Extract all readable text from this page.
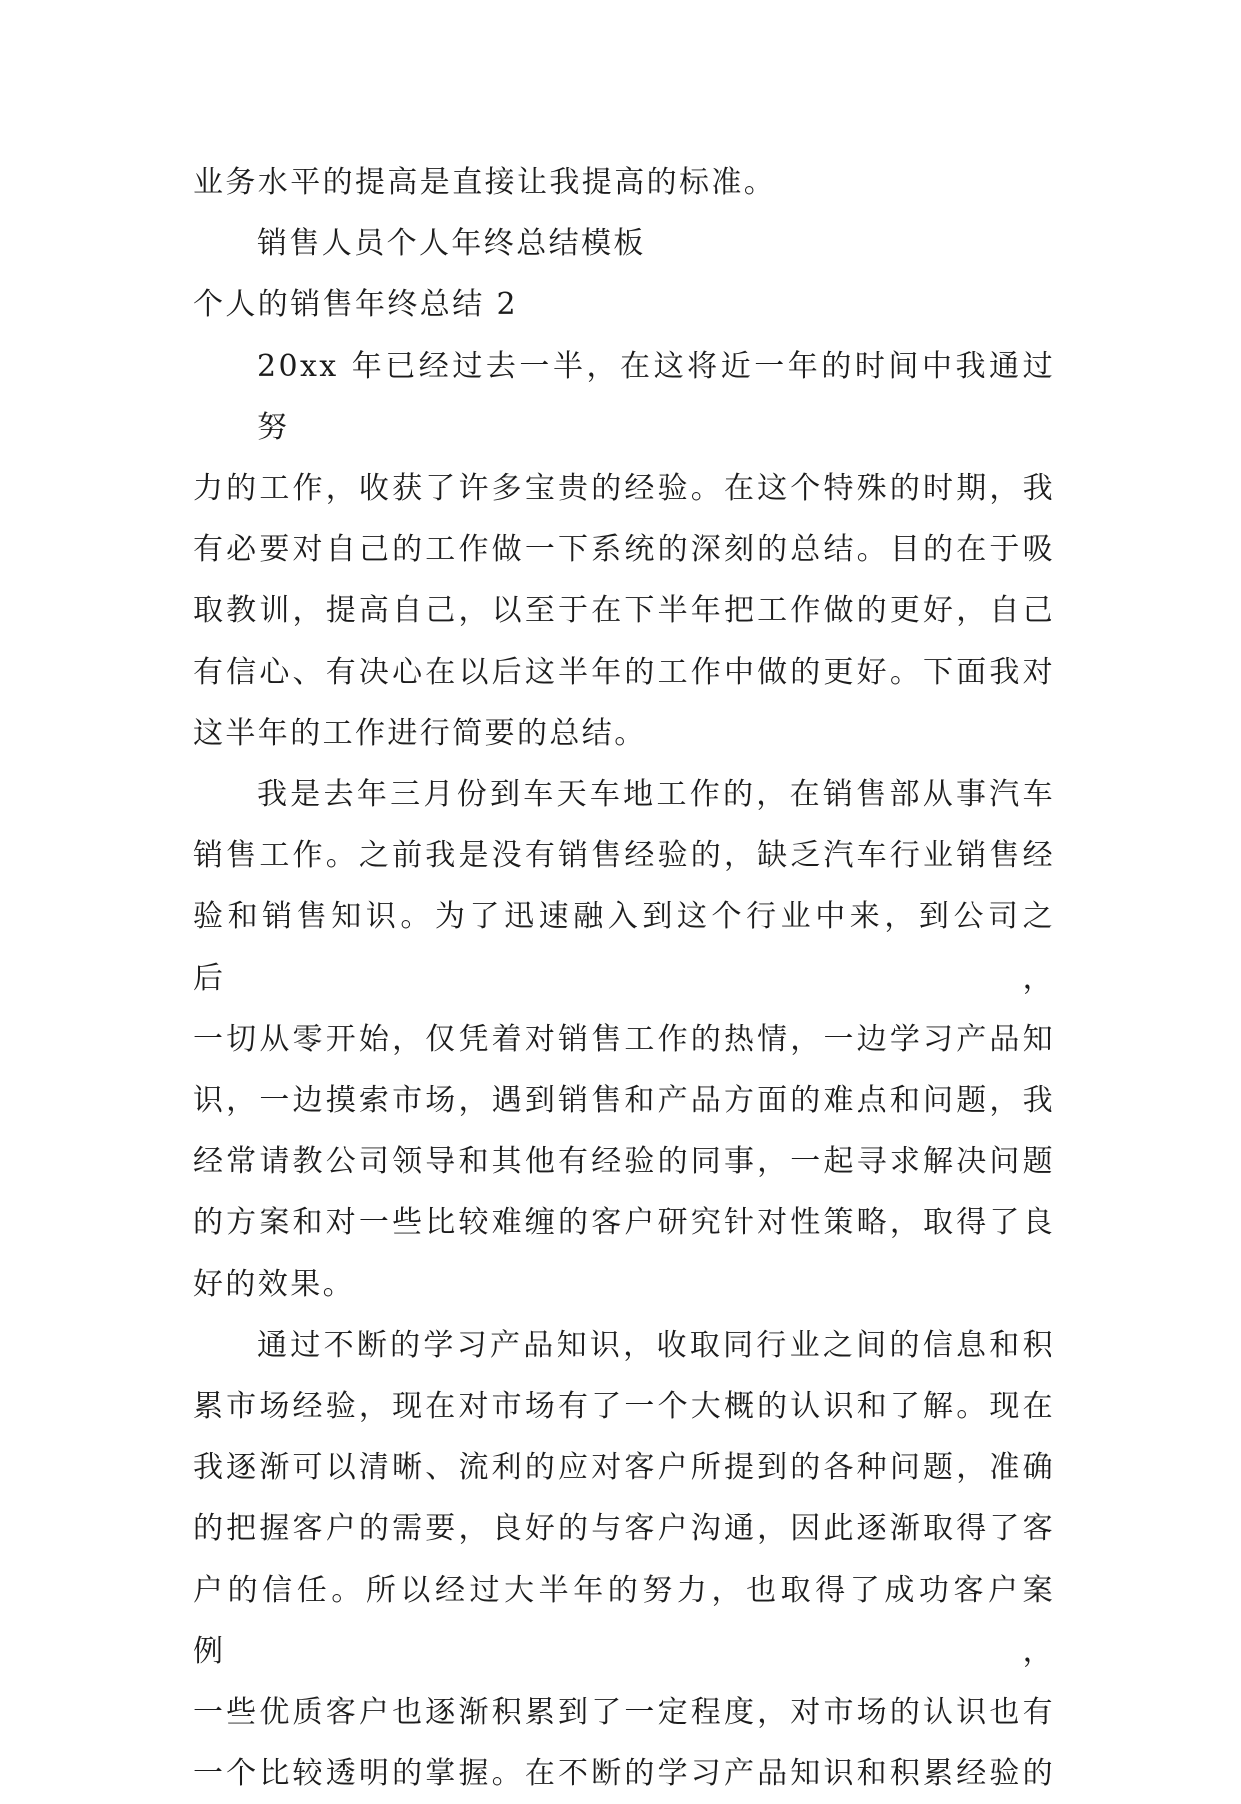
业务水平的提高是直接让我提高的标准。
销售人员个人年终总结模板
个人的销售年终总结 2
20xx 年已经过去一半，在这将近一年的时间中我通过努
力的工作，收获了许多宝贵的经验。在这个特殊的时期，我
有必要对自己的工作做一下系统的深刻的总结。目的在于吸
取教训，提高自己，以至于在下半年把工作做的更好，自己
有信心、有决心在以后这半年的工作中做的更好。下面我对
这半年的工作进行简要的总结。
我是去年三月份到车天车地工作的，在销售部从事汽车
销售工作。之前我是没有销售经验的，缺乏汽车行业销售经
验和销售知识。为了迅速融入到这个行业中来，到公司之后，
一切从零开始，仅凭着对销售工作的热情，一边学习产品知
识，一边摸索市场，遇到销售和产品方面的难点和问题，我
经常请教公司领导和其他有经验的同事，一起寻求解决问题
的方案和对一些比较难缠的客户研究针对性策略，取得了良
好的效果。
通过不断的学习产品知识，收取同行业之间的信息和积
累市场经验，现在对市场有了一个大概的认识和了解。现在
我逐渐可以清晰、流利的应对客户所提到的各种问题，准确
的把握客户的需要，良好的与客户沟通，因此逐渐取得了客
户的信任。所以经过大半年的努力，也取得了成功客户案例，
一些优质客户也逐渐积累到了一定程度，对市场的认识也有
一个比较透明的掌握。在不断的学习产品知识和积累经验的
